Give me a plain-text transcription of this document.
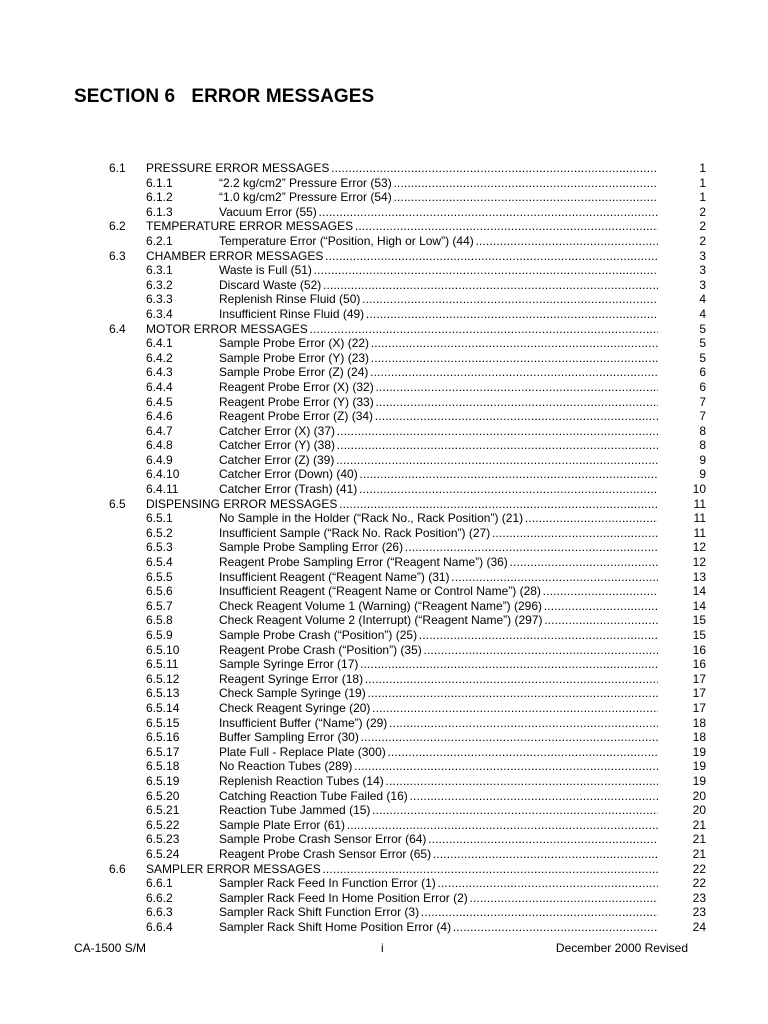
SECTION 6   ERROR MESSAGES
6.1 PRESSURE ERROR MESSAGES . . .	1
6.1.1	“2.2 kg/cm2” Pressure Error (53) . . .	1
6.1.2	“1.0 kg/cm2” Pressure Error (54) . . .	1
6.1.3	Vacuum Error (55) . . .	2
6.2 TEMPERATURE ERROR MESSAGES . . .	2
6.2.1	Temperature Error (“Position, High or Low”) (44) . . .	2
6.3 CHAMBER ERROR MESSAGES . . .	3
6.3.1	Waste is Full (51) . . .	3
6.3.2	Discard Waste (52) . . .	3
6.3.3	Replenish Rinse Fluid (50) . . .	4
6.3.4	Insufficient Rinse Fluid (49) . . .	4
6.4 MOTOR ERROR MESSAGES . . .	5
6.4.1	Sample Probe Error (X) (22) . . .	5
6.4.2	Sample Probe Error (Y) (23) . . .	5
6.4.3	Sample Probe Error (Z) (24) . . .	6
6.4.4	Reagent Probe Error (X) (32) . . .	6
6.4.5	Reagent Probe Error (Y) (33) . . .	7
6.4.6	Reagent Probe Error (Z) (34) . . .	7
6.4.7	Catcher Error (X) (37) . . .	8
6.4.8	Catcher Error (Y) (38) . . .	8
6.4.9	Catcher Error (Z) (39) . . .	9
6.4.10	Catcher Error (Down) (40) . . .	9
6.4.11	Catcher Error (Trash) (41) . . .	10
6.5 DISPENSING ERROR MESSAGES . . .	11
6.5.1	No Sample in the Holder (“Rack No., Rack Position”) (21) . . .	11
6.5.2	Insufficient Sample (“Rack No. Rack Position”) (27) . . .	11
6.5.3	Sample Probe Sampling Error (26) . . .	12
6.5.4	Reagent Probe Sampling Error (“Reagent Name”) (36) . . .	12
6.5.5	Insufficient Reagent (“Reagent Name”) (31) . . .	13
6.5.6	Insufficient Reagent (“Reagent Name or Control Name”) (28) . . .	14
6.5.7	Check Reagent Volume 1 (Warning) (“Reagent Name”) (296) . . .	14
6.5.8	Check Reagent Volume 2 (Interrupt) (“Reagent Name”) (297) . . .	15
6.5.9	Sample Probe Crash (“Position”) (25) . . .	15
6.5.10	Reagent Probe Crash (“Position”) (35) . . .	16
6.5.11	Sample Syringe Error (17) . . .	16
6.5.12	Reagent Syringe Error (18) . . .	17
6.5.13	Check Sample Syringe (19) . . .	17
6.5.14	Check Reagent Syringe (20) . . .	17
6.5.15	Insufficient Buffer (“Name”) (29) . . .	18
6.5.16	Buffer Sampling Error (30) . . .	18
6.5.17	Plate Full - Replace Plate (300) . . .	19
6.5.18	No Reaction Tubes (289) . . .	19
6.5.19	Replenish Reaction Tubes (14) . . .	19
6.5.20	Catching Reaction Tube Failed (16) . . .	20
6.5.21	Reaction Tube Jammed (15) . . .	20
6.5.22	Sample Plate Error (61) . . .	21
6.5.23	Sample Probe Crash Sensor Error (64) . . .	21
6.5.24	Reagent Probe Crash Sensor Error (65) . . .	21
6.6 SAMPLER ERROR MESSAGES . . .	22
6.6.1	Sampler Rack Feed In Function Error (1) . . .	22
6.6.2	Sampler Rack Feed In Home Position Error (2) . . .	23
6.6.3	Sampler Rack Shift Function Error (3) . . .	23
6.6.4	Sampler Rack Shift Home Position Error (4) . . .	24
CA-1500 S/M	i	December 2000 Revised
